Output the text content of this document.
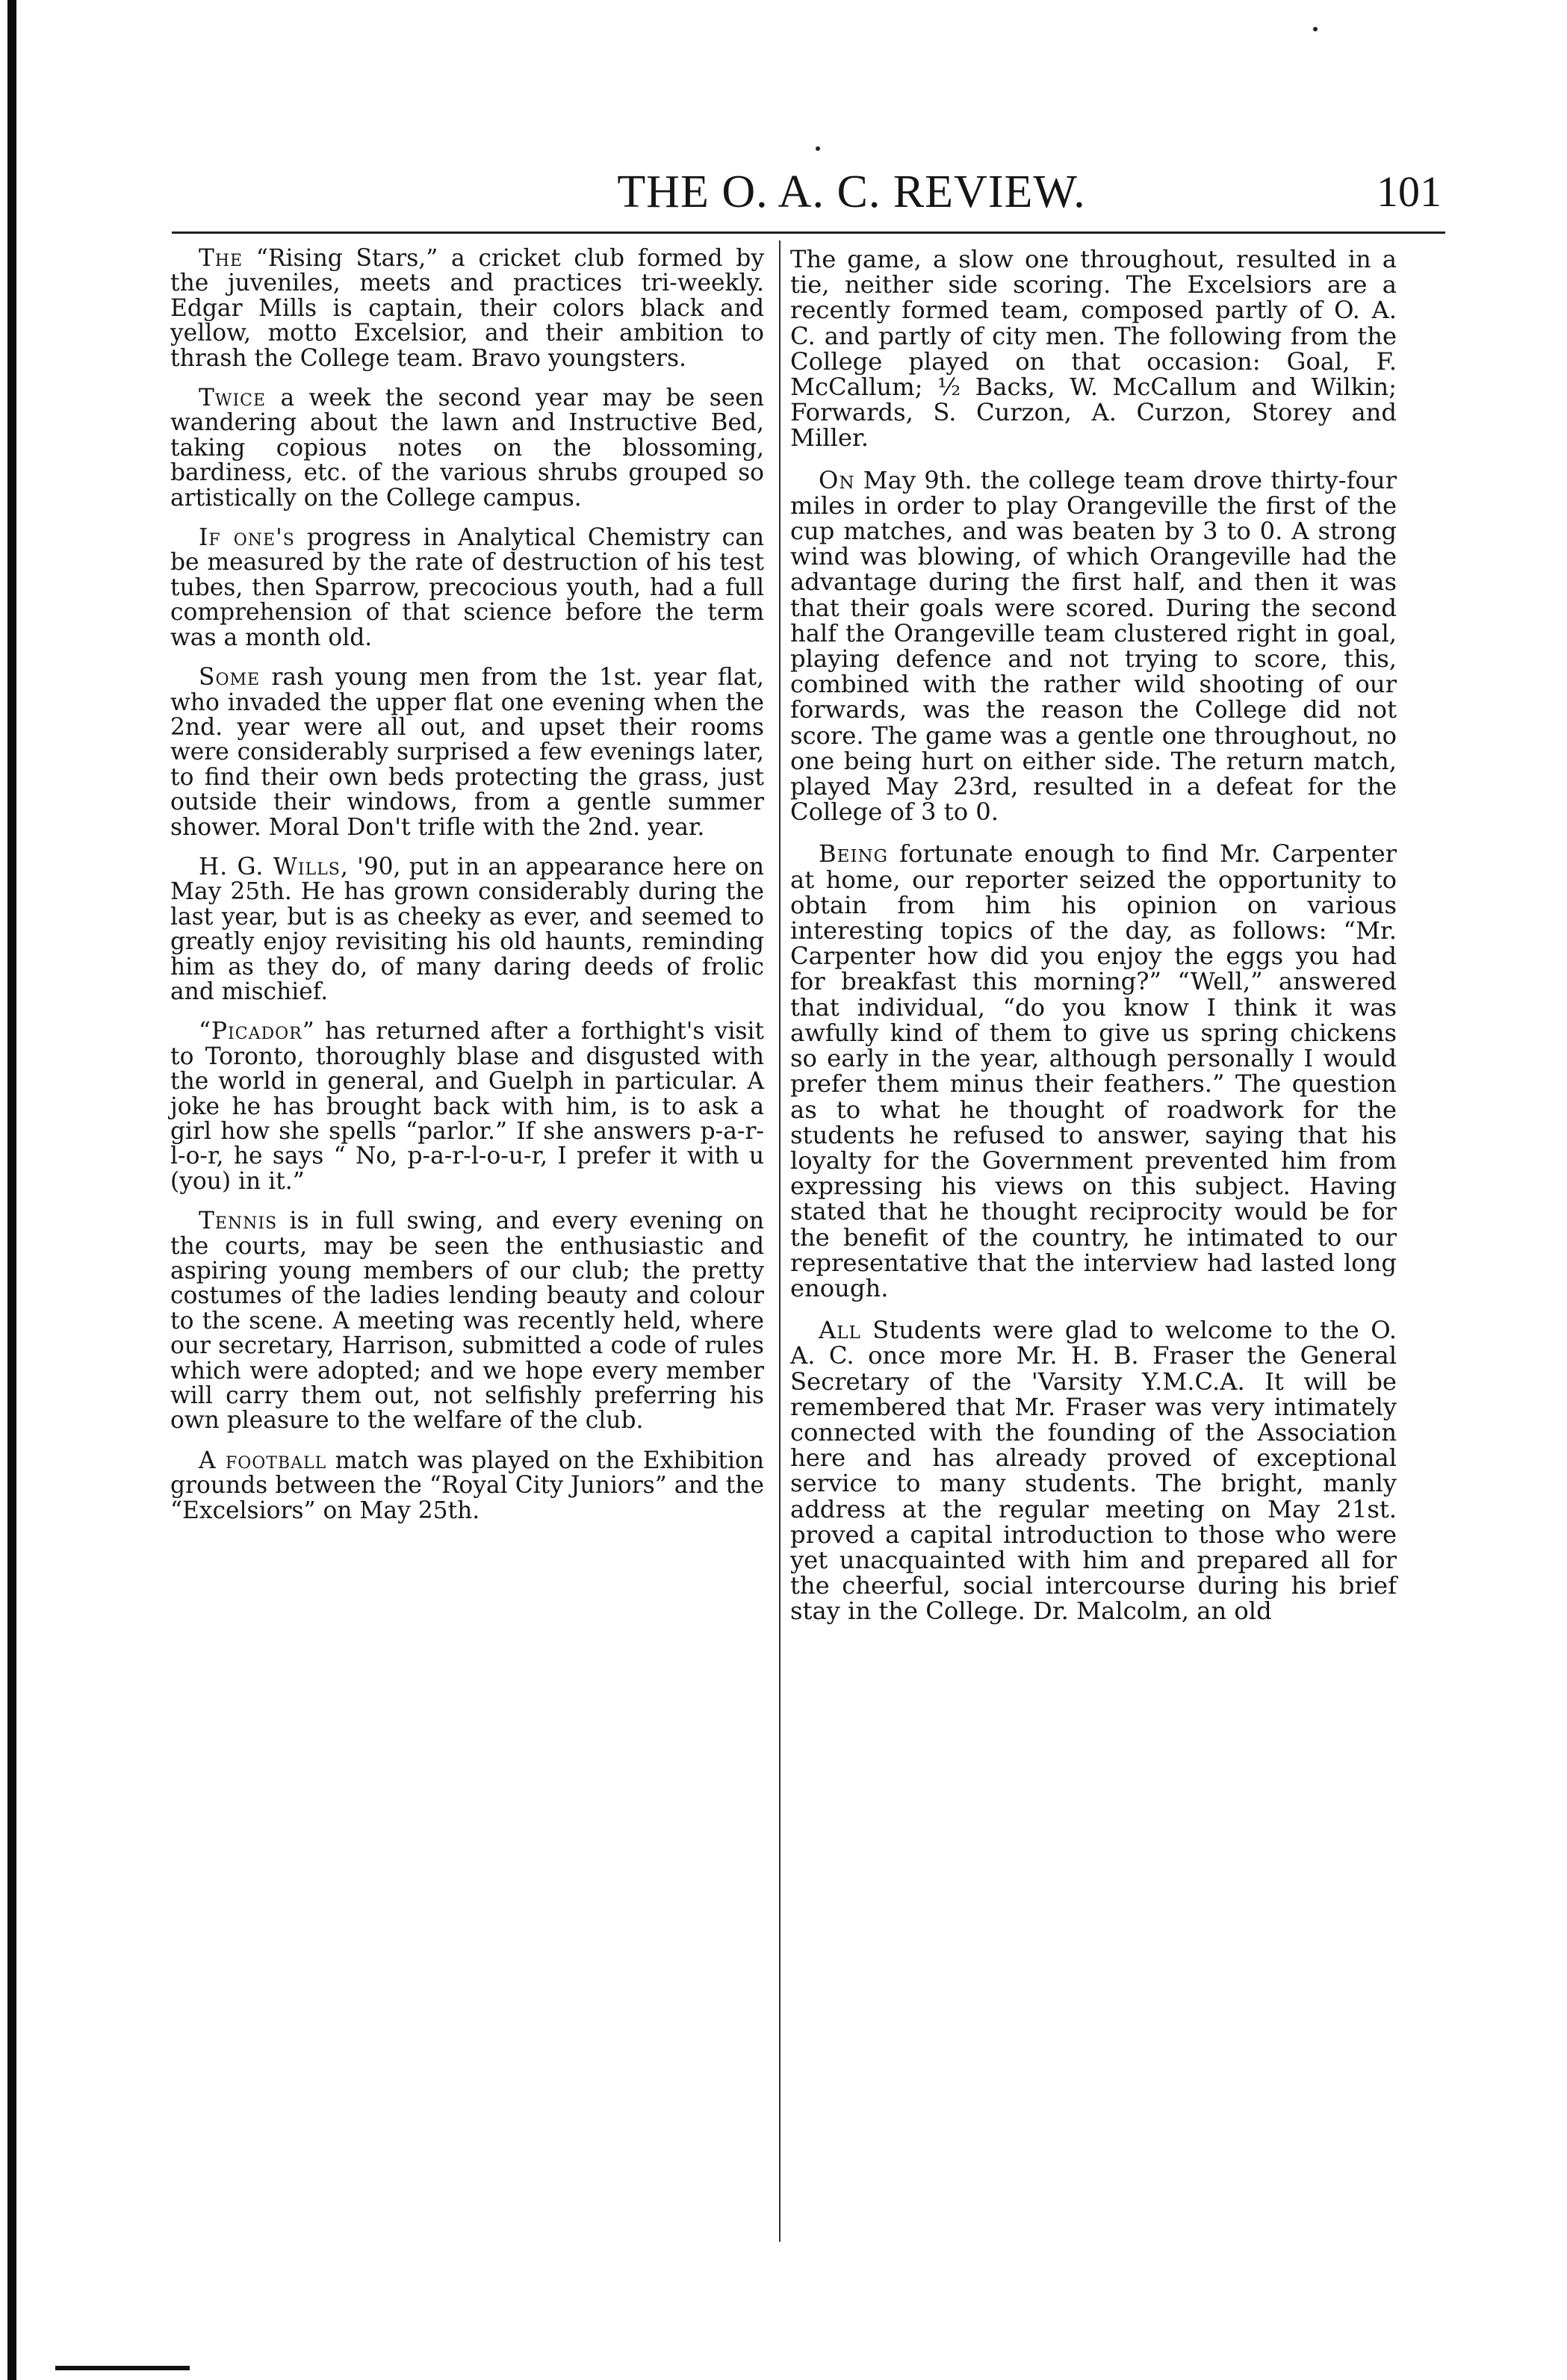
THE O. A. C. REVIEW.	101

The “Rising Stars,” a cricket club formed by the juveniles, meets and practices tri-weekly. Edgar Mills is captain, their colors black and yellow, motto Excelsior, and their ambition to thrash the College team. Bravo youngsters.

Twice a week the second year may be seen wandering about the lawn and Instructive Bed, taking copious notes on the blossoming, bardiness, etc. of the various shrubs grouped so artistically on the College campus.

If one's progress in Analytical Chemistry can be measured by the rate of destruction of his test tubes, then Sparrow, precocious youth, had a full comprehension of that science before the term was a month old.

Some rash young men from the 1st. year flat, who invaded the upper flat one evening when the 2nd. year were all out, and upset their rooms were considerably surprised a few evenings later, to find their own beds protecting the grass, just outside their windows, from a gentle summer shower. Moral Don't trifle with the 2nd. year.

H. G. Wills, '90, put in an appearance here on May 25th. He has grown considerably during the last year, but is as cheeky as ever, and seemed to greatly enjoy revisiting his old haunts, reminding him as they do, of many daring deeds of frolic and mischief.

“Picador” has returned after a forthight's visit to Toronto, thoroughly blase and disgusted with the world in general, and Guelph in particular. A joke he has brought back with him, is to ask a girl how she spells “parlor.” If she answers p-a-r-l-o-r, he says “ No, p-a-r-l-o-u-r, I prefer it with u (you) in it.”

Tennis is in full swing, and every evening on the courts, may be seen the enthusiastic and aspiring young members of our club; the pretty costumes of the ladies lending beauty and colour to the scene. A meeting was recently held, where our secretary, Harrison, submitted a code of rules which were adopted; and we hope every member will carry them out, not selfishly preferring his own pleasure to the welfare of the club.

A football match was played on the Exhibition grounds between the “Royal City Juniors” and the “Excelsiors” on May 25th.

The game, a slow one throughout, resulted in a tie, neither side scoring. The Excelsiors are a recently formed team, composed partly of O. A. C. and partly of city men. The following from the College played on that occasion: Goal, F. McCallum; ½ Backs, W. McCallum and Wilkin; Forwards, S. Curzon, A. Curzon, Storey and Miller.

On May 9th. the college team drove thirty-four miles in order to play Orangeville the first of the cup matches, and was beaten by 3 to 0. A strong wind was blowing, of which Orangeville had the advantage during the first half, and then it was that their goals were scored. During the second half the Orangeville team clustered right in goal, playing defence and not trying to score, this, combined with the rather wild shooting of our forwards, was the reason the College did not score. The game was a gentle one throughout, no one being hurt on either side. The return match, played May 23rd, resulted in a defeat for the College of 3 to 0.

Being fortunate enough to find Mr. Carpenter at home, our reporter seized the opportunity to obtain from him his opinion on various interesting topics of the day, as follows: “Mr. Carpenter how did you enjoy the eggs you had for breakfast this morning?” “Well,” answered that individual, “do you know I think it was awfully kind of them to give us spring chickens so early in the year, although personally I would prefer them minus their feathers.” The question as to what he thought of roadwork for the students he refused to answer, saying that his loyalty for the Government prevented him from expressing his views on this subject. Having stated that he thought reciprocity would be for the benefit of the country, he intimated to our representative that the interview had lasted long enough.

All Students were glad to welcome to the O. A. C. once more Mr. H. B. Fraser the General Secretary of the 'Varsity Y.M.C.A. It will be remembered that Mr. Fraser was very intimately connected with the founding of the Association here and has already proved of exceptional service to many students. The bright, manly address at the regular meeting on May 21st. proved a capital introduction to those who were yet unacquainted with him and prepared all for the cheerful, social intercourse during his brief stay in the College. Dr. Malcolm, an old
